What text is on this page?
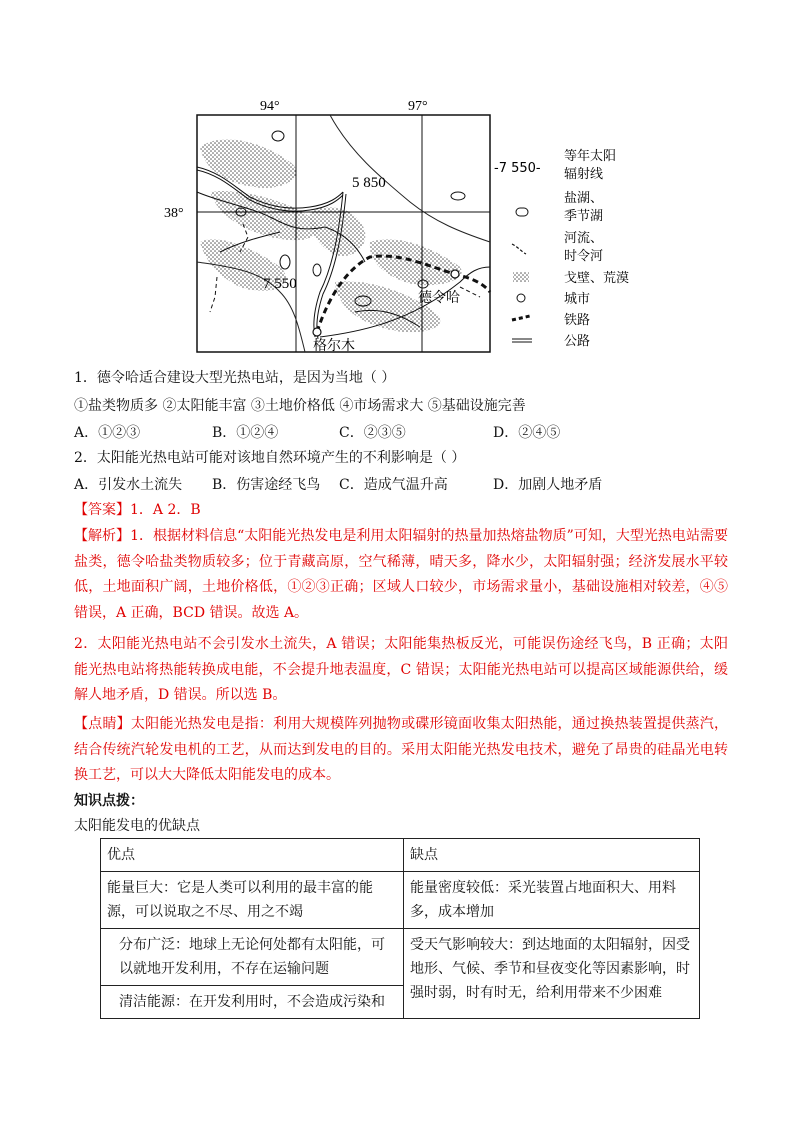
94°	97°
38°
5 850
7 550
德令哈
格尔木
-7 550-
等年太阳辐射线
盐湖、季节湖
河流、时令河
戈壁、荒漠
城市
铁路
公路
1．德令哈适合建设大型光热电站，是因为当地（ ）
①盐类物质多 ②太阳能丰富 ③土地价格低 ④市场需求大 ⑤基础设施完善
A．①②③	B．①②④	C．②③⑤	D．②④⑤
2．太阳能光热电站可能对该地自然环境产生的不利影响是（ ）
A．引发水土流失 B．伤害途经飞鸟 C．造成气温升高	D．加剧人地矛盾
【答案】1．A 2．B
【解析】1．根据材料信息“太阳能光热发电是利用太阳辐射的热量加热熔盐物质”可知，大型光热电站需要盐类，德令哈盐类物质较多；位于青藏高原，空气稀薄，晴天多，降水少，太阳辐射强；经济发展水平较低，土地面积广阔，土地价格低，①②③正确；区域人口较少，市场需求量小，基础设施相对较差，④⑤错误，A 正确，BCD 错误。故选 A。
2．太阳能光热电站不会引发水土流失，A 错误；太阳能集热板反光，可能误伤途经飞鸟，B 正确；太阳能光热电站将热能转换成电能，不会提升地表温度，C 错误；太阳能光热电站可以提高区域能源供给，缓解人地矛盾，D 错误。所以选 B。
【点睛】太阳能光热发电是指：利用大规模阵列抛物或碟形镜面收集太阳热能，通过换热装置提供蒸汽，结合传统汽轮发电机的工艺，从而达到发电的目的。采用太阳能光热发电技术，避免了昂贵的硅晶光电转换工艺，可以大大降低太阳能发电的成本。
知识点拨：
太阳能发电的优缺点
优点	缺点
能量巨大：它是人类可以利用的最丰富的能源，可以说取之不尽、用之不竭	能量密度较低：采光装置占地面积大、用料多，成本增加
分布广泛：地球上无论何处都有太阳能，可以就地开发利用，不存在运输问题	受天气影响较大：到达地面的太阳辐射，因受地形、气候、季节和昼夜变化等因素影响，时强时弱，时有时无，给利用带来不少困难
清洁能源：在开发利用时，不会造成污染和	
